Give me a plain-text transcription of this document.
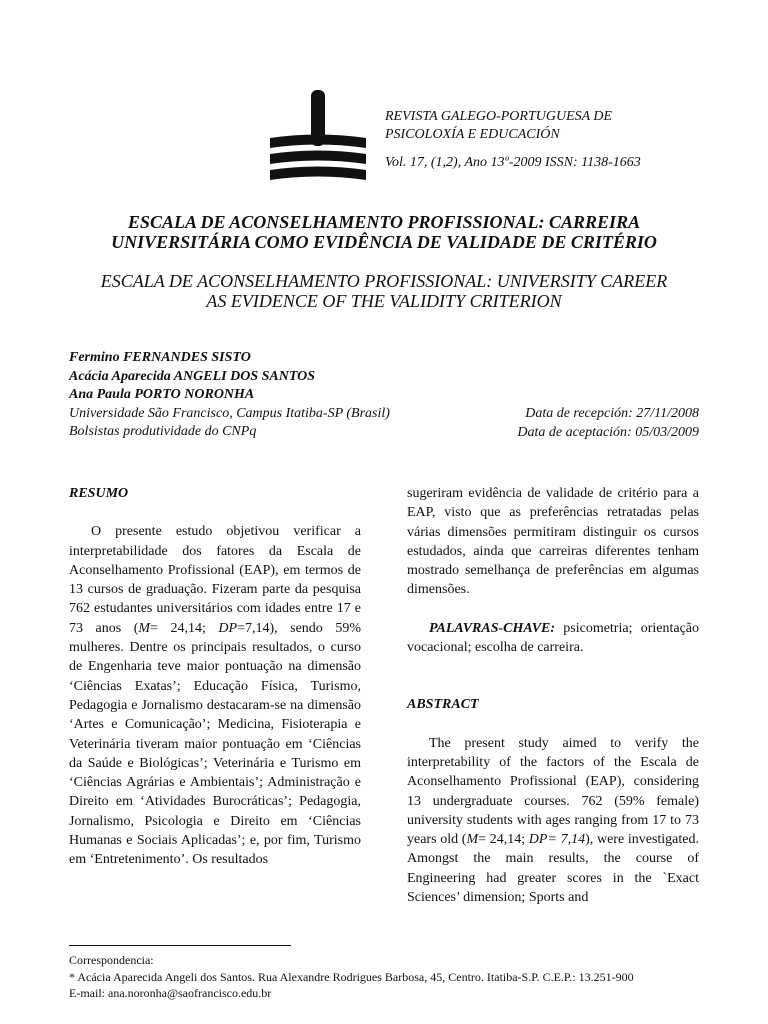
REVISTA GALEGO-PORTUGUESA DE
PSICOLOXÍA E EDUCACIÓN
Vol. 17, (1,2), Ano 13º-2009 ISSN: 1138-1663
ESCALA DE ACONSELHAMENTO PROFISSIONAL: CARREIRA
UNIVERSITÁRIA COMO EVIDÊNCIA DE VALIDADE DE CRITÉRIO
ESCALA DE ACONSELHAMENTO PROFISSIONAL: UNIVERSITY CAREER
AS EVIDENCE OF THE VALIDITY CRITERION
Fermino FERNANDES SISTO
Acácia Aparecida ANGELI DOS SANTOS
Ana Paula PORTO NORONHA
Universidade São Francisco, Campus Itatiba-SP (Brasil)
Bolsistas produtividade do CNPq
Data de recepción: 27/11/2008
Data de aceptación: 05/03/2009

RESUMO

O presente estudo objetivou verificar a interpretabilidade dos fatores da Escala de Aconselhamento Profissional (EAP), em termos de 13 cursos de graduação. Fizeram parte da pesquisa 762 estudantes universitários com idades entre 17 e 73 anos (M= 24,14; DP=7,14), sendo 59% mulheres. Dentre os principais resultados, o curso de Engenharia teve maior pontuação na dimensão ‘Ciências Exatas’; Educação Física, Turismo, Pedagogia e Jornalismo destacaram-se na dimensão ‘Artes e Comunicação’; Medicina, Fisioterapia e Veterinária tiveram maior pontuação em ‘Ciências da Saúde e Biológicas’; Veterinária e Turismo em ‘Ciências Agrárias e Ambientais’; Administração e Direito em ‘Atividades Burocráticas’; Pedagogia, Jornalismo, Psicologia e Direito em ‘Ciências Humanas e Sociais Aplicadas’; e, por fim, Turismo em ‘Entretenimento’. Os resultados

sugeriram evidência de validade de critério para a EAP, visto que as preferências retratadas pelas várias dimensões permitiram distinguir os cursos estudados, ainda que carreiras diferentes tenham mostrado semelhança de preferências em algumas dimensões.

PALAVRAS-CHAVE: psicometria; orientação vocacional; escolha de carreira.

ABSTRACT

The present study aimed to verify the interpretability of the factors of the Escala de Aconselhamento Profissional (EAP), considering 13 undergraduate courses. 762 (59% female) university students with ages ranging from 17 to 73 years old (M= 24,14; DP= 7,14), were investigated. Amongst the main results, the course of Engineering had greater scores in the `Exact Sciences’ dimension; Sports and

Correspondencia:
* Acácia Aparecida Angeli dos Santos. Rua Alexandre Rodrigues Barbosa, 45, Centro. Itatiba-S.P. C.E.P.: 13.251-900
E-mail: ana.noronha@saofrancisco.edu.br
